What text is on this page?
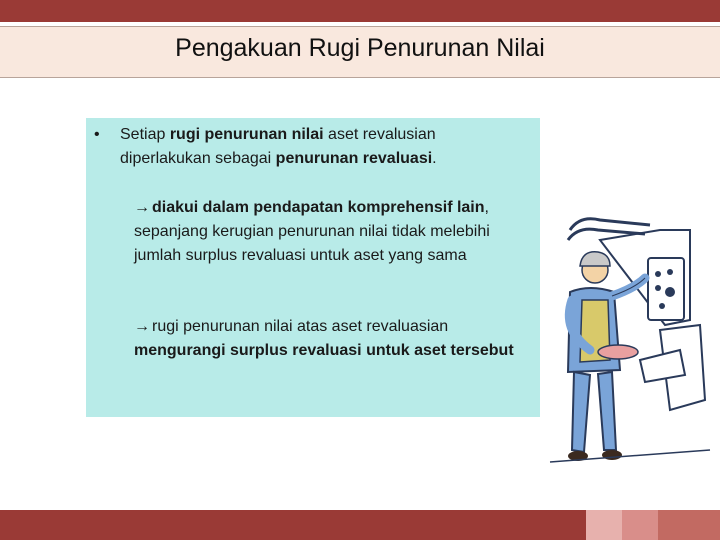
Pengakuan Rugi Penurunan Nilai
•	Setiap rugi penurunan nilai aset revalusian diperlakukan sebagai penurunan revaluasi.
→ diakui dalam pendapatan komprehensif lain, sepanjang kerugian penurunan nilai tidak melebihi jumlah surplus revaluasi untuk aset yang sama
→ rugi penurunan nilai atas aset revaluasian mengurangi surplus revaluasi untuk aset tersebut
